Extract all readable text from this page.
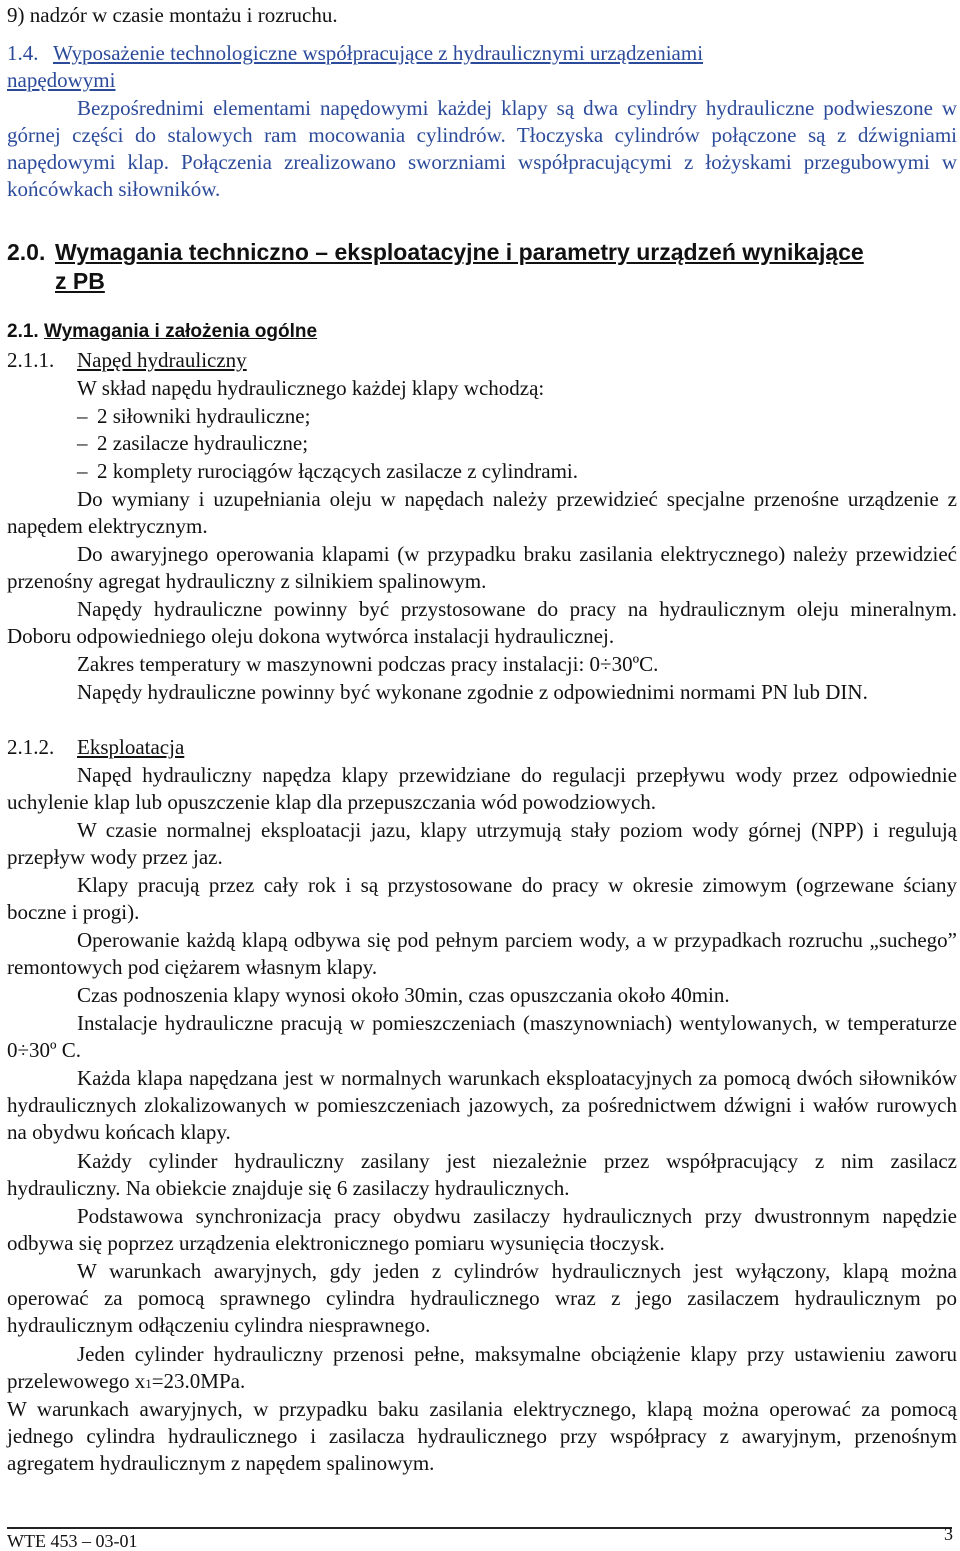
9) nadzór w czasie montażu i rozruchu.
1.4. Wyposażenie technologiczne współpracujące z hydraulicznymi urządzeniami
napędowymi

Bezpośrednimi elementami napędowymi każdej klapy są dwa cylindry hydrauliczne podwieszone w górnej części do stalowych ram mocowania cylindrów. Tłoczyska cylindrów połączone są z dźwigniami napędowymi klap. Połączenia zrealizowano sworzniami współpracującymi z łożyskami przegubowymi w końcówkach siłowników.

2.0. Wymagania techniczno – eksploatacyjne i parametry urządzeń wynikające
z PB
2.1. Wymagania i założenia ogólne
2.1.1. Napęd hydrauliczny
W skład napędu hydraulicznego każdej klapy wchodzą:
– 2 siłowniki hydrauliczne;
– 2 zasilacze hydrauliczne;
– 2 komplety rurociągów łączących zasilacze z cylindrami.

Do wymiany i uzupełniania oleju w napędach należy przewidzieć specjalne przenośne urządzenie z napędem elektrycznym.

Do awaryjnego operowania klapami (w przypadku braku zasilania elektrycznego) należy przewidzieć przenośny agregat hydrauliczny z silnikiem spalinowym.

Napędy hydrauliczne powinny być przystosowane do pracy na hydraulicznym oleju mineralnym. Doboru odpowiedniego oleju dokona wytwórca instalacji hydraulicznej.

Zakres temperatury w maszynowni podczas pracy instalacji: 0÷30ºC.

Napędy hydrauliczne powinny być wykonane zgodnie z odpowiednimi normami PN lub DIN.

2.1.2. Eksploatacja

Napęd hydrauliczny napędza klapy przewidziane do regulacji przepływu wody przez odpowiednie uchylenie klap lub opuszczenie klap dla przepuszczania wód powodziowych.

W czasie normalnej eksploatacji jazu, klapy utrzymują stały poziom wody górnej (NPP) i regulują przepływ wody przez jaz.

Klapy pracują przez cały rok i są przystosowane do pracy w okresie zimowym (ogrzewane ściany boczne i progi).

Operowanie każdą klapą odbywa się pod pełnym parciem wody, a w przypadkach rozruchu „suchego” remontowych pod ciężarem własnym klapy.

Czas podnoszenia klapy wynosi około 30min, czas opuszczania około 40min.

Instalacje hydrauliczne pracują w pomieszczeniach (maszynowniach) wentylowanych, w temperaturze 0÷30º C.

Każda klapa napędzana jest w normalnych warunkach eksploatacyjnych za pomocą dwóch siłowników hydraulicznych zlokalizowanych w pomieszczeniach jazowych, za pośrednictwem dźwigni i wałów rurowych na obydwu końcach klapy.

Każdy cylinder hydrauliczny zasilany jest niezależnie przez współpracujący z nim zasilacz hydrauliczny. Na obiekcie znajduje się 6 zasilaczy hydraulicznych.

Podstawowa synchronizacja pracy obydwu zasilaczy hydraulicznych przy dwustronnym napędzie odbywa się poprzez urządzenia elektronicznego pomiaru wysunięcia tłoczysk.

W warunkach awaryjnych, gdy jeden z cylindrów hydraulicznych jest wyłączony, klapą można operować za pomocą sprawnego cylindra hydraulicznego wraz z jego zasilaczem hydraulicznym po hydraulicznym odłączeniu cylindra niesprawnego.

Jeden cylinder hydrauliczny przenosi pełne, maksymalne obciążenie klapy przy ustawieniu zaworu przelewowego x1=23.0MPa.

W warunkach awaryjnych, w przypadku baku zasilania elektrycznego, klapą można operować za pomocą jednego cylindra hydraulicznego i zasilacza hydraulicznego przy współpracy z awaryjnym, przenośnym agregatem hydraulicznym z napędem spalinowym.

WTE 453 – 03-01	3
